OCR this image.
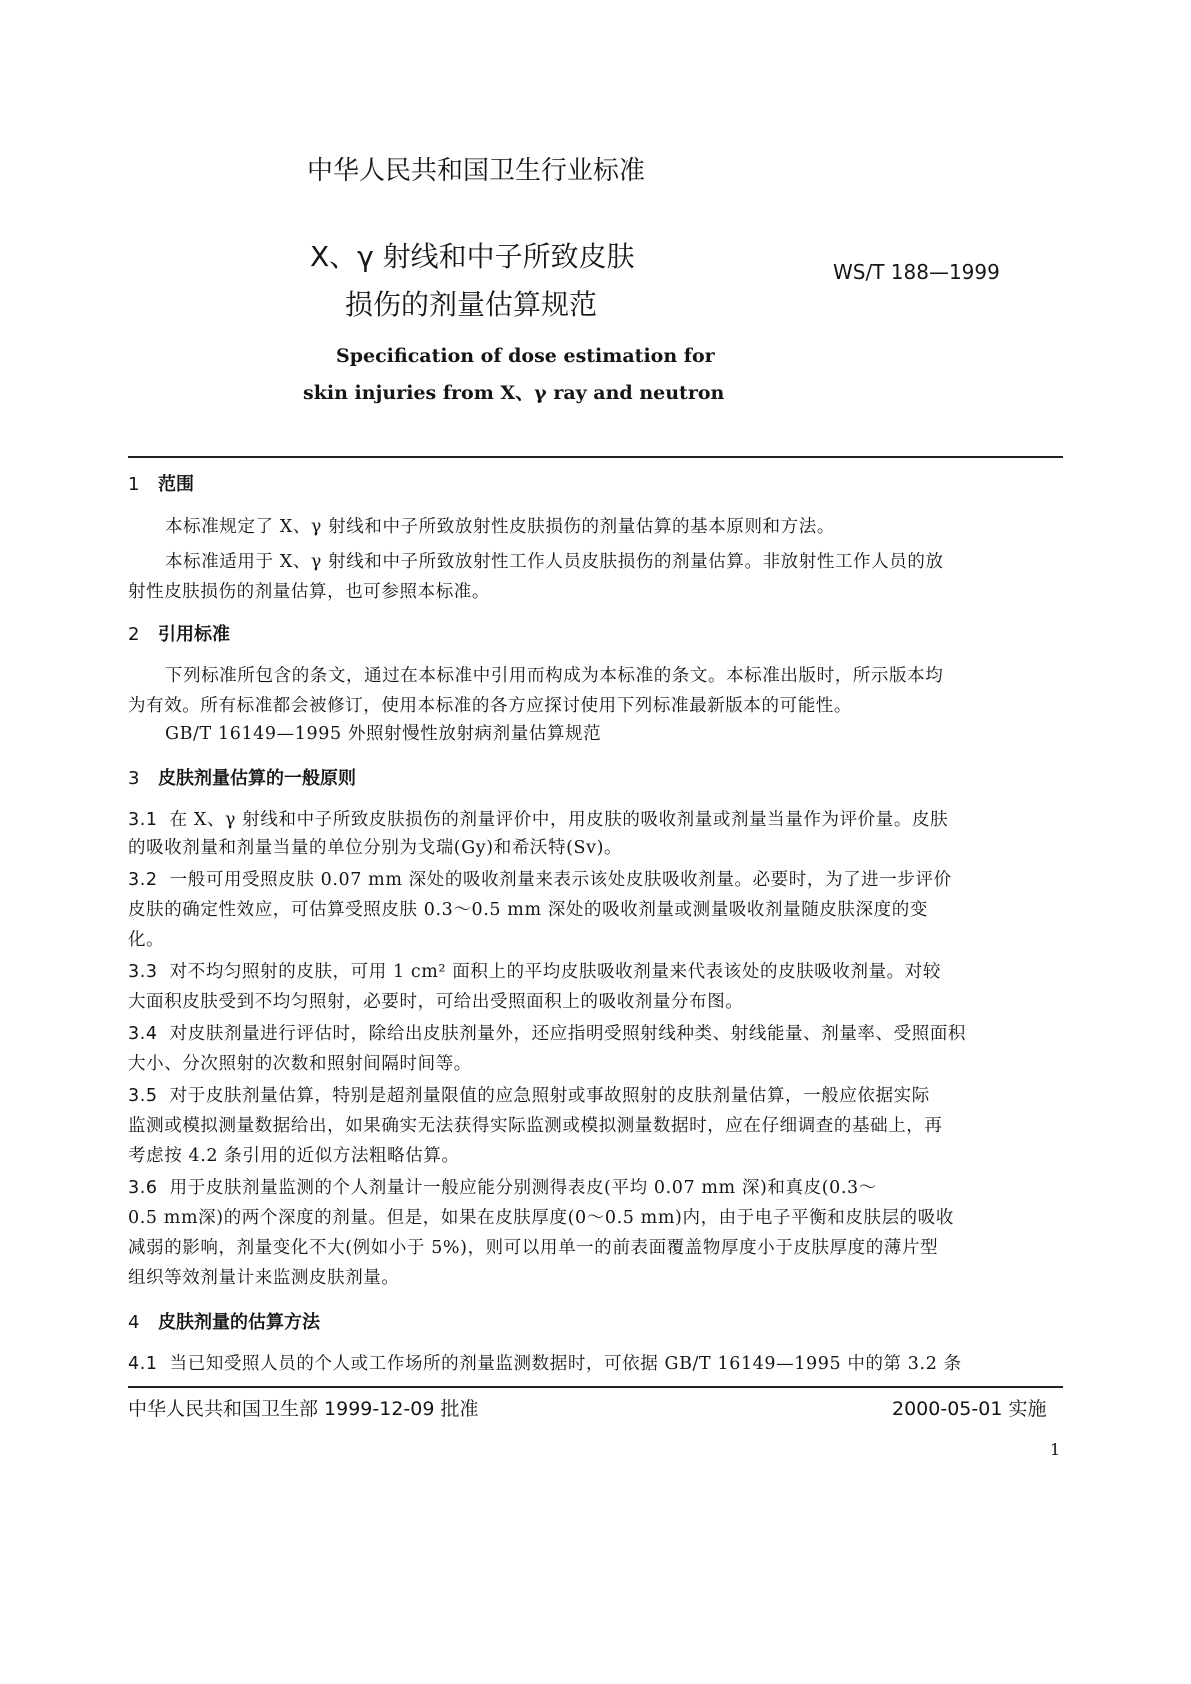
中华人民共和国卫生行业标准
X、γ 射线和中子所致皮肤
损伤的剂量估算规范
WS/T 188—1999
Specification of dose estimation for
skin injuries from X、γ ray and neutron
1 范围
本标准规定了 X、γ 射线和中子所致放射性皮肤损伤的剂量估算的基本原则和方法。
本标准适用于 X、γ 射线和中子所致放射性工作人员皮肤损伤的剂量估算。非放射性工作人员的放
射性皮肤损伤的剂量估算，也可参照本标准。
2 引用标准
下列标准所包含的条文，通过在本标准中引用而构成为本标准的条文。本标准出版时，所示版本均
为有效。所有标准都会被修订，使用本标准的各方应探讨使用下列标准最新版本的可能性。
GB/T 16149—1995 外照射慢性放射病剂量估算规范
3 皮肤剂量估算的一般原则
3.1 在 X、γ 射线和中子所致皮肤损伤的剂量评价中，用皮肤的吸收剂量或剂量当量作为评价量。皮肤
的吸收剂量和剂量当量的单位分别为戈瑞(Gy)和希沃特(Sv)。
3.2 一般可用受照皮肤 0.07 mm 深处的吸收剂量来表示该处皮肤吸收剂量。必要时，为了进一步评价
皮肤的确定性效应，可估算受照皮肤 0.3～0.5 mm 深处的吸收剂量或测量吸收剂量随皮肤深度的变
化。
3.3 对不均匀照射的皮肤，可用 1 cm² 面积上的平均皮肤吸收剂量来代表该处的皮肤吸收剂量。对较
大面积皮肤受到不均匀照射，必要时，可给出受照面积上的吸收剂量分布图。
3.4 对皮肤剂量进行评估时，除给出皮肤剂量外，还应指明受照射线种类、射线能量、剂量率、受照面积
大小、分次照射的次数和照射间隔时间等。
3.5 对于皮肤剂量估算，特别是超剂量限值的应急照射或事故照射的皮肤剂量估算，一般应依据实际
监测或模拟测量数据给出，如果确实无法获得实际监测或模拟测量数据时，应在仔细调查的基础上，再
考虑按 4.2 条引用的近似方法粗略估算。
3.6 用于皮肤剂量监测的个人剂量计一般应能分别测得表皮(平均 0.07 mm 深)和真皮(0.3～
0.5 mm深)的两个深度的剂量。但是，如果在皮肤厚度(0～0.5 mm)内，由于电子平衡和皮肤层的吸收
减弱的影响，剂量变化不大(例如小于 5%)，则可以用单一的前表面覆盖物厚度小于皮肤厚度的薄片型
组织等效剂量计来监测皮肤剂量。
4 皮肤剂量的估算方法
4.1 当已知受照人员的个人或工作场所的剂量监测数据时，可依据 GB/T 16149—1995 中的第 3.2 条
中华人民共和国卫生部 1999-12-09 批准	2000-05-01 实施
1
